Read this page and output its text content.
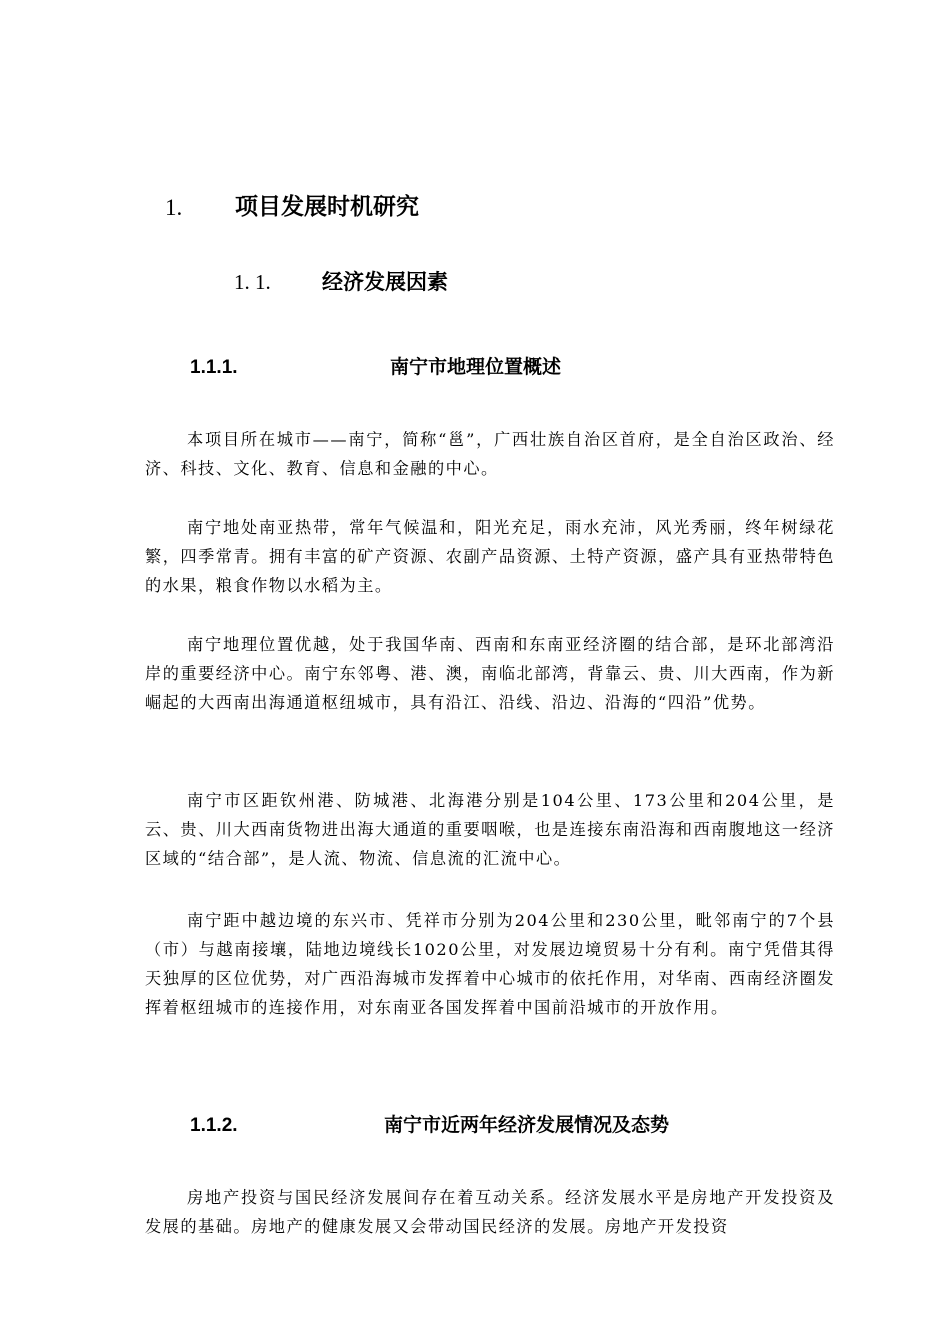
1. 项目发展时机研究
1. 1. 经济发展因素
1.1.1.	南宁市地理位置概述

本项目所在城市——南宁，简称“邕”，广西壮族自治区首府，是全自治区政治、经济、科技、文化、教育、信息和金融的中心。

南宁地处南亚热带，常年气候温和，阳光充足，雨水充沛，风光秀丽，终年树绿花繁，四季常青。拥有丰富的矿产资源、农副产品资源、土特产资源，盛产具有亚热带特色的水果，粮食作物以水稻为主。

南宁地理位置优越，处于我国华南、西南和东南亚经济圈的结合部，是环北部湾沿岸的重要经济中心。南宁东邻粤、港、澳，南临北部湾，背靠云、贵、川大西南，作为新崛起的大西南出海通道枢纽城市，具有沿江、沿线、沿边、沿海的“四沿”优势。

南宁市区距钦州港、防城港、北海港分别是104公里、173公里和204公里，是云、贵、川大西南货物进出海大通道的重要咽喉，也是连接东南沿海和西南腹地这一经济区域的“结合部”，是人流、物流、信息流的汇流中心。

南宁距中越边境的东兴市、凭祥市分别为204公里和230公里，毗邻南宁的7个县（市）与越南接壤，陆地边境线长1020公里，对发展边境贸易十分有利。南宁凭借其得天独厚的区位优势，对广西沿海城市发挥着中心城市的依托作用，对华南、西南经济圈发挥着枢纽城市的连接作用，对东南亚各国发挥着中国前沿城市的开放作用。

1.1.2.	南宁市近两年经济发展情况及态势

房地产投资与国民经济发展间存在着互动关系。经济发展水平是房地产开发投资及发展的基础。房地产的健康发展又会带动国民经济的发展。房地产开发投资
